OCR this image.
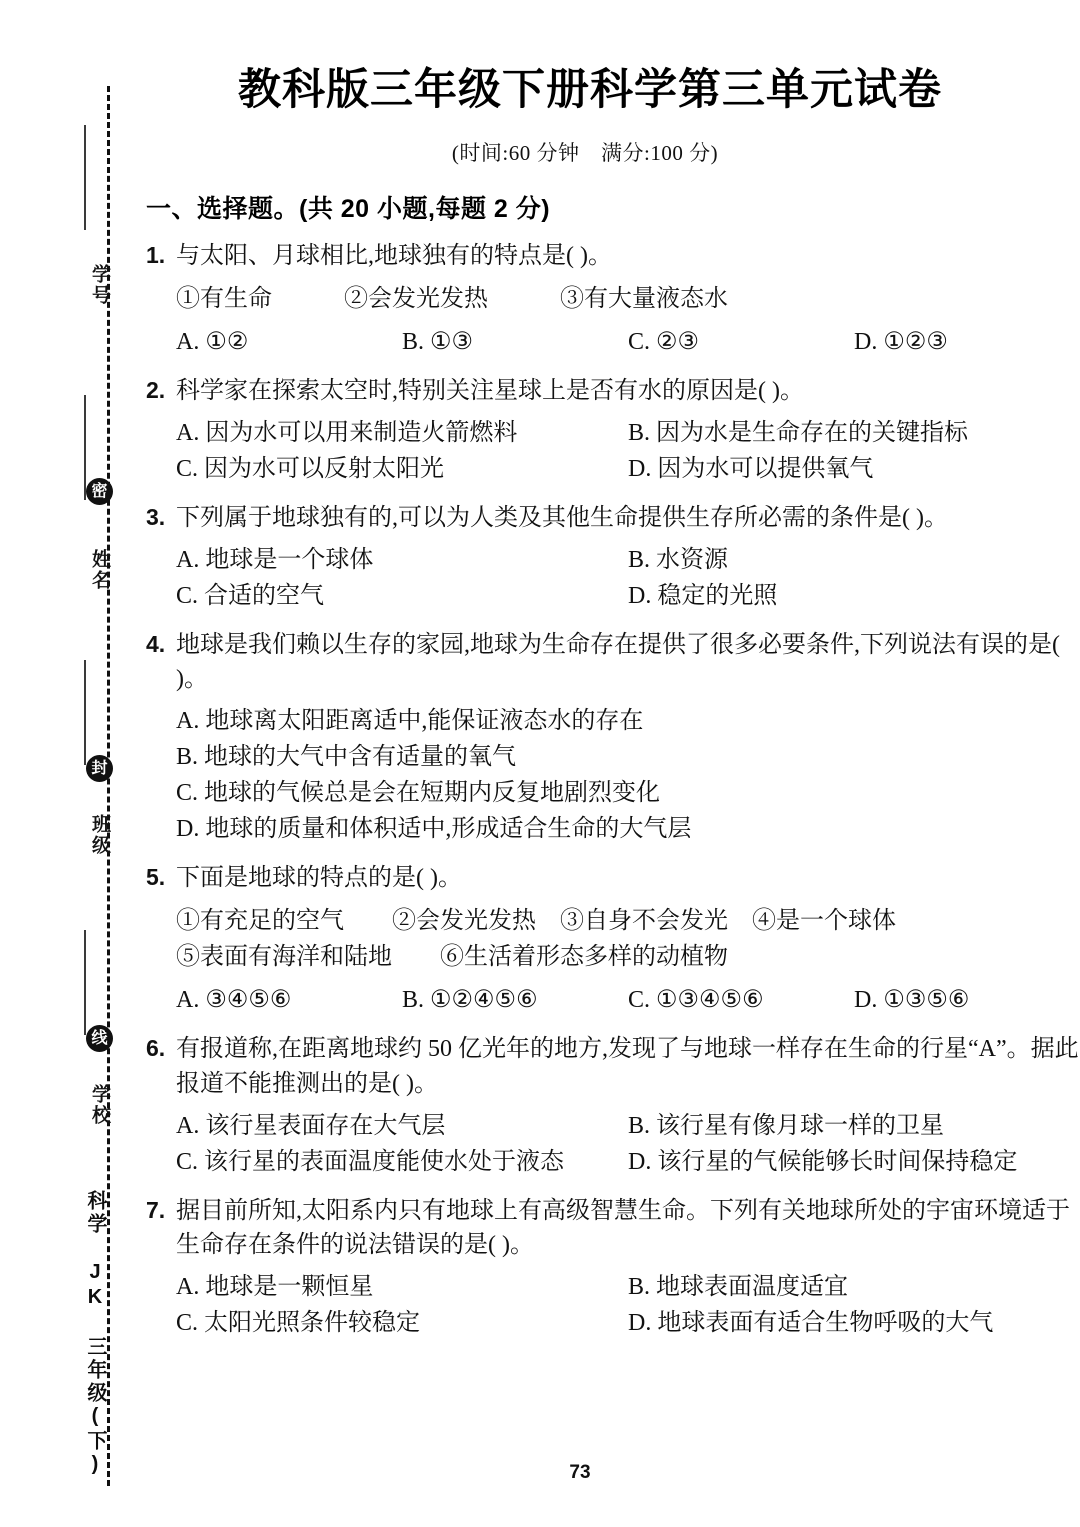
学号
密
姓名
封
班级
线
学校
科学 JK 三年级(下)
教科版三年级下册科学第三单元试卷
(时间:60 分钟　满分:100 分)
一、选择题。(共 20 小题,每题 2 分)
1. 与太阳、月球相比,地球独有的特点是( )。
①有生命　　　②会发光发热　　　③有大量液态水
A. ①②	B. ①③	C. ②③	D. ①②③
2. 科学家在探索太空时,特别关注星球上是否有水的原因是( )。
A. 因为水可以用来制造火箭燃料	B. 因为水是生命存在的关键指标
C. 因为水可以反射太阳光	D. 因为水可以提供氧气
3. 下列属于地球独有的,可以为人类及其他生命提供生存所必需的条件是( )。
A. 地球是一个球体	B. 水资源
C. 合适的空气	D. 稳定的光照
4. 地球是我们赖以生存的家园,地球为生命存在提供了很多必要条件,下列说法有误的是( )。
A. 地球离太阳距离适中,能保证液态水的存在
B. 地球的大气中含有适量的氧气
C. 地球的气候总是会在短期内反复地剧烈变化
D. 地球的质量和体积适中,形成适合生命的大气层
5. 下面是地球的特点的是( )。
①有充足的空气　　②会发光发热　③自身不会发光　④是一个球体
⑤表面有海洋和陆地　　⑥生活着形态多样的动植物
A. ③④⑤⑥	B. ①②④⑤⑥	C. ①③④⑤⑥	D. ①③⑤⑥
6. 有报道称,在距离地球约 50 亿光年的地方,发现了与地球一样存在生命的行星“A”。据此报道不能推测出的是( )。
A. 该行星表面存在大气层	B. 该行星有像月球一样的卫星
C. 该行星的表面温度能使水处于液态	D. 该行星的气候能够长时间保持稳定
7. 据目前所知,太阳系内只有地球上有高级智慧生命。下列有关地球所处的宇宙环境适于生命存在条件的说法错误的是( )。
A. 地球是一颗恒星	B. 地球表面温度适宜
C. 太阳光照条件较稳定	D. 地球表面有适合生物呼吸的大气
73
